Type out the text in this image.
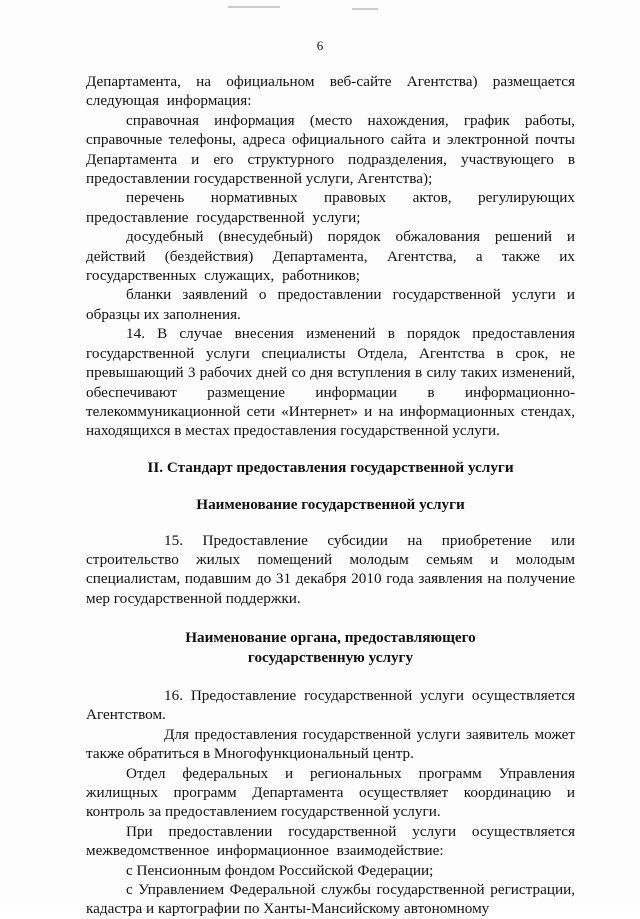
6

Департамента, на официальном веб-сайте Агентства) размещается следующая информация:

справочная информация (место нахождения, график работы, справочные телефоны, адреса официального сайта и электронной почты Департамента и его структурного подразделения, участвующего в предоставлении государственной услуги, Агентства);

перечень нормативных правовых актов, регулирующих предоставление государственной услуги;

досудебный (внесудебный) порядок обжалования решений и действий (бездействия) Департамента, Агентства, а также их государственных служащих, работников;

бланки заявлений о предоставлении государственной услуги и образцы их заполнения.

14. В случае внесения изменений в порядок предоставления государственной услуги специалисты Отдела, Агентства в срок, не превышающий 3 рабочих дней со дня вступления в силу таких изменений, обеспечивают размещение информации в информационно-телекоммуникационной сети «Интернет» и на информационных стендах, находящихся в местах предоставления государственной услуги.

II. Стандарт предоставления государственной услуги

Наименование государственной услуги

15. Предоставление субсидии на приобретение или строительство жилых помещений молодым семьям и молодым специалистам, подавшим до 31 декабря 2010 года заявления на получение мер государственной поддержки.

Наименование органа, предоставляющего

государственную услугу

16. Предоставление государственной услуги осуществляется Агентством.

Для предоставления государственной услуги заявитель может также обратиться в Многофункциональный центр.

Отдел федеральных и региональных программ Управления жилищных программ Департамента осуществляет координацию и контроль за предоставлением государственной услуги.

При предоставлении государственной услуги осуществляется межведомственное информационное взаимодействие:

с Пенсионным фондом Российской Федерации;

с Управлением Федеральной службы государственной регистрации, кадастра и картографии по Ханты-Мансийскому автономному
